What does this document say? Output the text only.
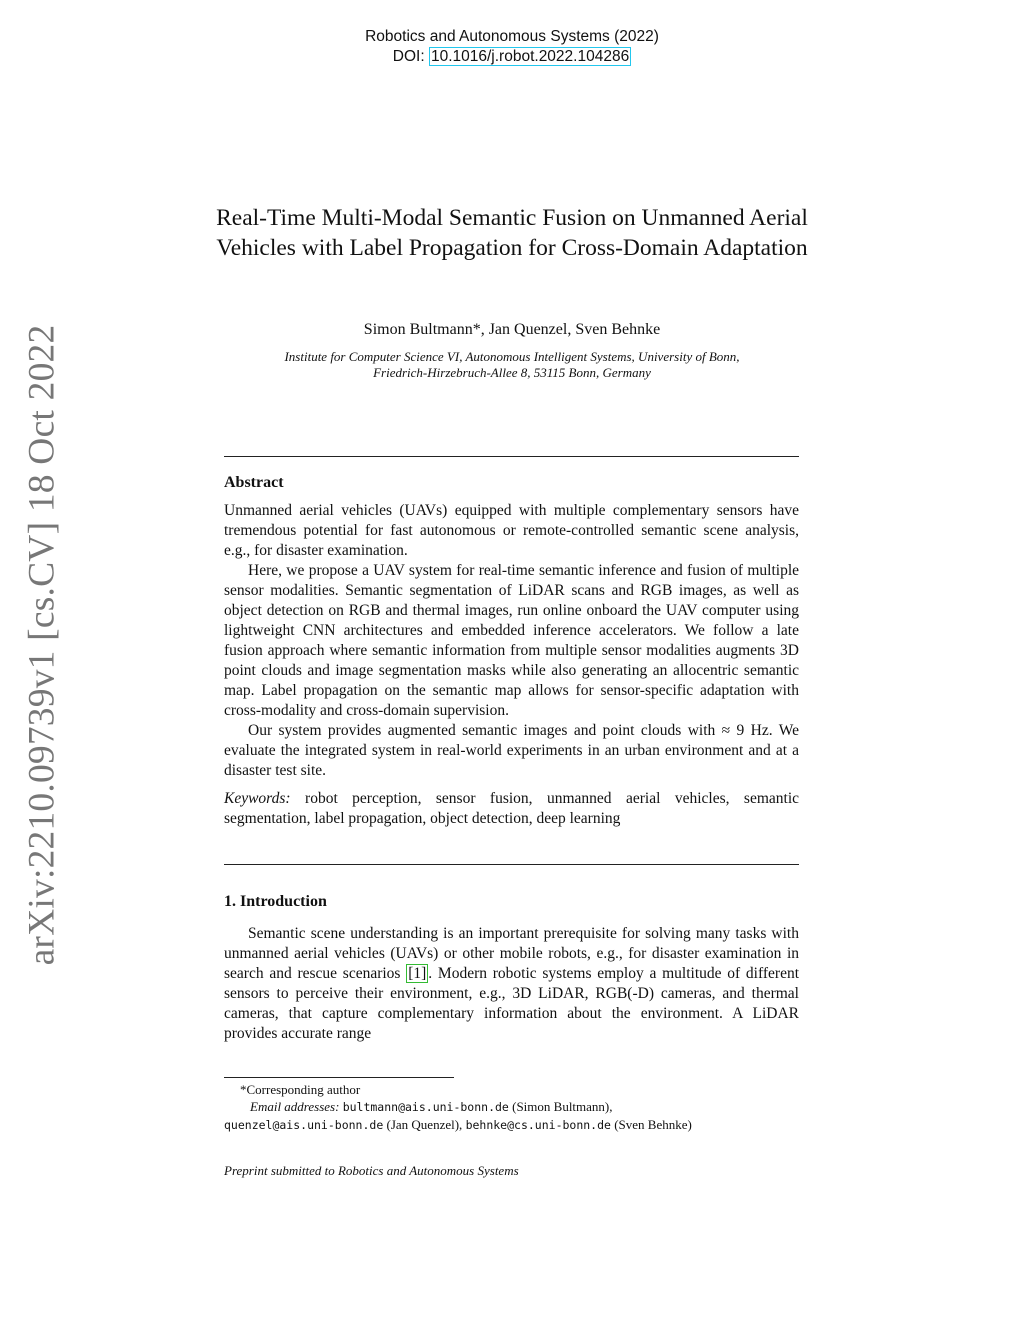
Robotics and Autonomous Systems (2022)
DOI: 10.1016/j.robot.2022.104286
arXiv:2210.09739v1 [cs.CV] 18 Oct 2022
Real-Time Multi-Modal Semantic Fusion on Unmanned Aerial Vehicles with Label Propagation for Cross-Domain Adaptation
Simon Bultmann*, Jan Quenzel, Sven Behnke
Institute for Computer Science VI, Autonomous Intelligent Systems, University of Bonn,
Friedrich-Hirzebruch-Allee 8, 53115 Bonn, Germany

Abstract

Unmanned aerial vehicles (UAVs) equipped with multiple complementary sensors have tremendous potential for fast autonomous or remote-controlled semantic scene analysis, e.g., for disaster examination.

Here, we propose a UAV system for real-time semantic inference and fusion of multiple sensor modalities. Semantic segmentation of LiDAR scans and RGB images, as well as object detection on RGB and thermal images, run online onboard the UAV computer using lightweight CNN architectures and embedded inference accelerators. We follow a late fusion approach where semantic information from multiple sensor modalities augments 3D point clouds and image segmentation masks while also generating an allocentric semantic map. Label propagation on the semantic map allows for sensor-specific adaptation with cross-modality and cross-domain supervision.

Our system provides augmented semantic images and point clouds with ≈ 9 Hz. We evaluate the integrated system in real-world experiments in an urban environment and at a disaster test site.

Keywords: robot perception, sensor fusion, unmanned aerial vehicles, semantic segmentation, label propagation, object detection, deep learning

1. Introduction

Semantic scene understanding is an important prerequisite for solving many tasks with unmanned aerial vehicles (UAVs) or other mobile robots, e.g., for disaster examination in search and rescue scenarios [1] . Modern robotic systems employ a multitude of different sensors to perceive their environment, e.g., 3D LiDAR, RGB(-D) cameras, and thermal cameras, that capture complementary information about the environment. A LiDAR provides accurate range

*Corresponding author
Email addresses: bultmann@ais.uni-bonn.de (Simon Bultmann),
quenzel@ais.uni-bonn.de (Jan Quenzel), behnke@cs.uni-bonn.de (Sven Behnke)
Preprint submitted to Robotics and Autonomous Systems
